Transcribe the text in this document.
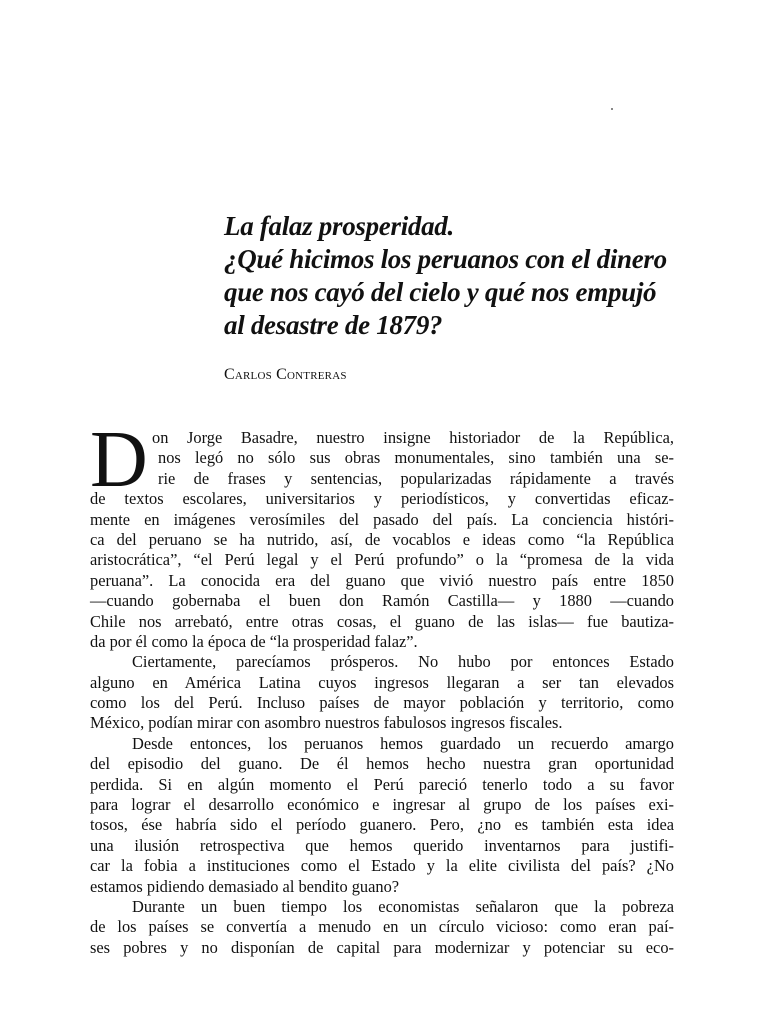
La falaz prosperidad.
¿Qué hicimos los peruanos con el dinero
que nos cayó del cielo y qué nos empujó
al desastre de 1879?
Carlos Contreras
D on Jorge Basadre, nuestro insigne historiador de la República,
nos legó no sólo sus obras monumentales, sino también una se-
rie de frases y sentencias, popularizadas rápidamente a través
de textos escolares, universitarios y periodísticos, y convertidas eficaz-
mente en imágenes verosímiles del pasado del país. La conciencia históri-
ca del peruano se ha nutrido, así, de vocablos e ideas como “la República
aristocrática”, “el Perú legal y el Perú profundo” o la “promesa de la vida
peruana”. La conocida era del guano que vivió nuestro país entre 1850
—cuando gobernaba el buen don Ramón Castilla— y 1880 —cuando
Chile nos arrebató, entre otras cosas, el guano de las islas— fue bautiza-
da por él como la época de “la prosperidad falaz”.
Ciertamente, parecíamos prósperos. No hubo por entonces Estado
alguno en América Latina cuyos ingresos llegaran a ser tan elevados
como los del Perú. Incluso países de mayor población y territorio, como
México, podían mirar con asombro nuestros fabulosos ingresos fiscales.
Desde entonces, los peruanos hemos guardado un recuerdo amargo
del episodio del guano. De él hemos hecho nuestra gran oportunidad
perdida. Si en algún momento el Perú pareció tenerlo todo a su favor
para lograr el desarrollo económico e ingresar al grupo de los países exi-
tosos, ése habría sido el período guanero. Pero, ¿no es también esta idea
una ilusión retrospectiva que hemos querido inventarnos para justifi-
car la fobia a instituciones como el Estado y la elite civilista del país? ¿No
estamos pidiendo demasiado al bendito guano?
Durante un buen tiempo los economistas señalaron que la pobreza
de los países se convertía a menudo en un círculo vicioso: como eran paí-
ses pobres y no disponían de capital para modernizar y potenciar su eco-
